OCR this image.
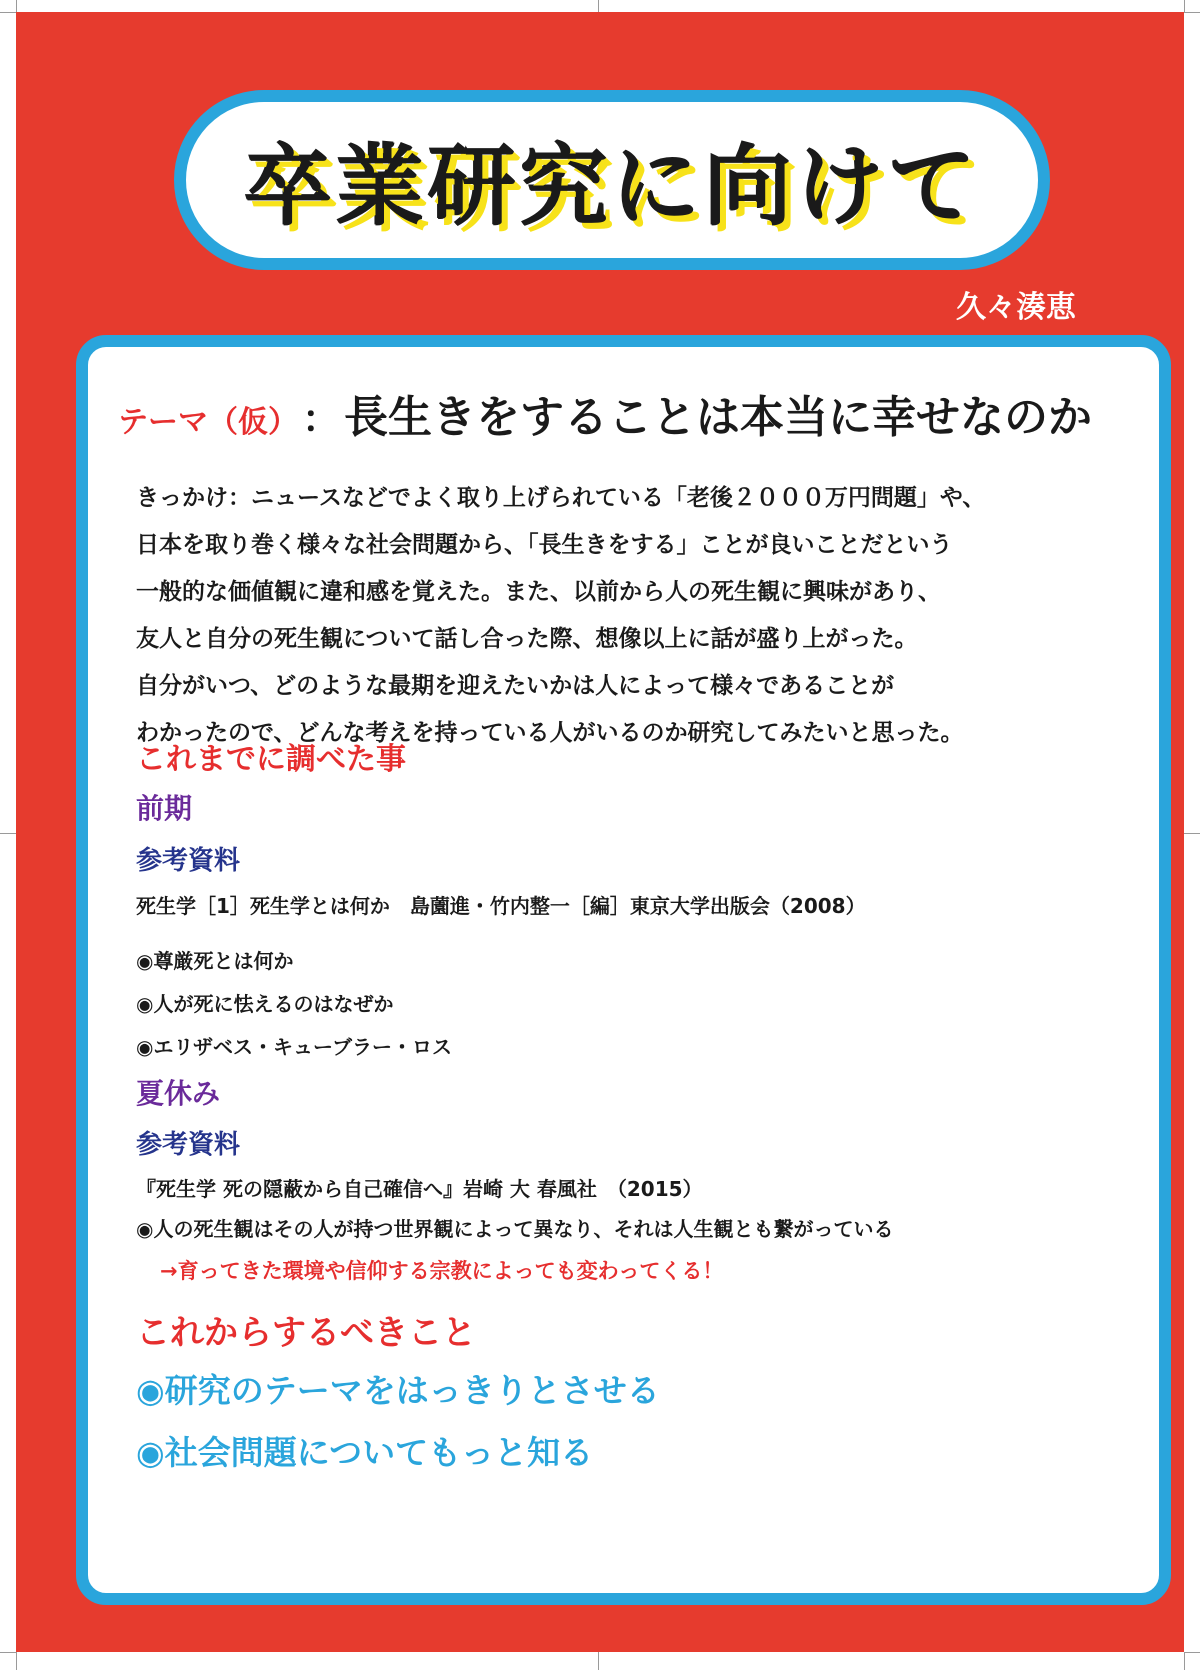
卒業研究に向けて
久々湊恵
テーマ（仮） ： 長生きをすることは本当に幸せなのか
きっかけ：ニュースなどでよく取り上げられている「老後２０００万円問題」や、
日本を取り巻く様々な社会問題から、「長生きをする」ことが良いことだという
一般的な価値観に違和感を覚えた。また、以前から人の死生観に興味があり、
友人と自分の死生観について話し合った際、想像以上に話が盛り上がった。
自分がいつ、どのような最期を迎えたいかは人によって様々であることが
わかったので、どんな考えを持っている人がいるのか研究してみたいと思った。
これまでに調べた事
前期
参考資料
死生学［1］死生学とは何か　島薗進・竹内整一［編］東京大学出版会（2008）
◉尊厳死とは何か
◉人が死に怯えるのはなぜか
◉エリザベス・キューブラー・ロス
夏休み
参考資料
『死生学 死の隠蔽から自己確信へ』岩崎 大 春風社　（2015）
◉人の死生観はその人が持つ世界観によって異なり、それは人生観とも繋がっている
→育ってきた環境や信仰する宗教によっても変わってくる！
これからするべきこと
◉研究のテーマをはっきりとさせる
◉社会問題についてもっと知る
